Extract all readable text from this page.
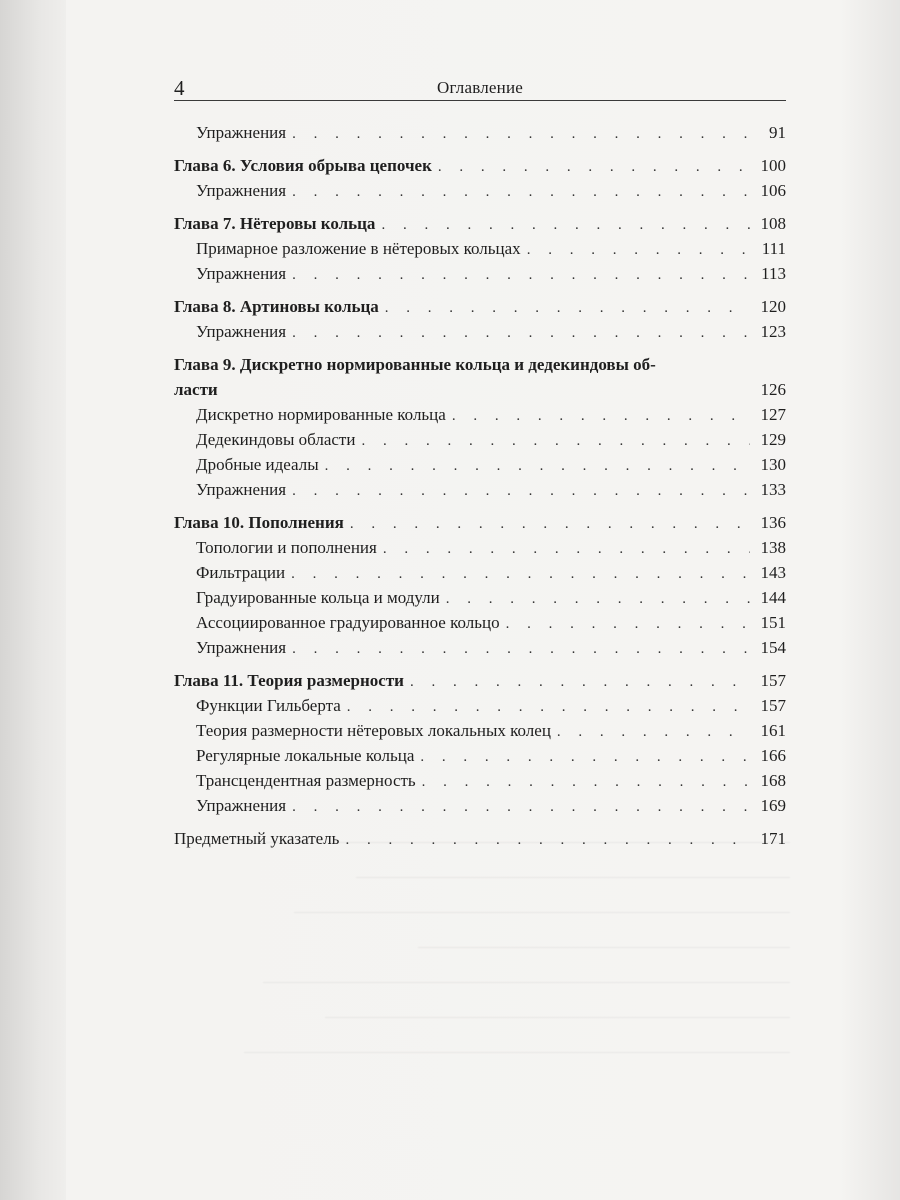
4	Оглавление
Упражнения . . .	91
Глава 6. Условия обрыва цепочек . . .	100
Упражнения . . .	106
Глава 7. Нётеровы кольца . . .	108
Примарное разложение в нётеровых кольцах . . .	111
Упражнения . . .	113
Глава 8. Артиновы кольца . . .	120
Упражнения . . .	123
Глава 9. Дискретно нормированные кольца и дедекиндовы об-
ласти	126
Дискретно нормированные кольца . . .	127
Дедекиндовы области . . .	129
Дробные идеалы . . .	130
Упражнения . . .	133
Глава 10. Пополнения . . .	136
Топологии и пополнения . . .	138
Фильтрации . . .	143
Градуированные кольца и модули . . .	144
Ассоциированное градуированное кольцо . . .	151
Упражнения . . .	154
Глава 11. Теория размерности . . .	157
Функции Гильберта . . .	157
Теория размерности нётеровых локальных колец . . .	161
Регулярные локальные кольца . . .	166
Трансцендентная размерность . . .	168
Упражнения . . .	169
Предметный указатель . . .	171
